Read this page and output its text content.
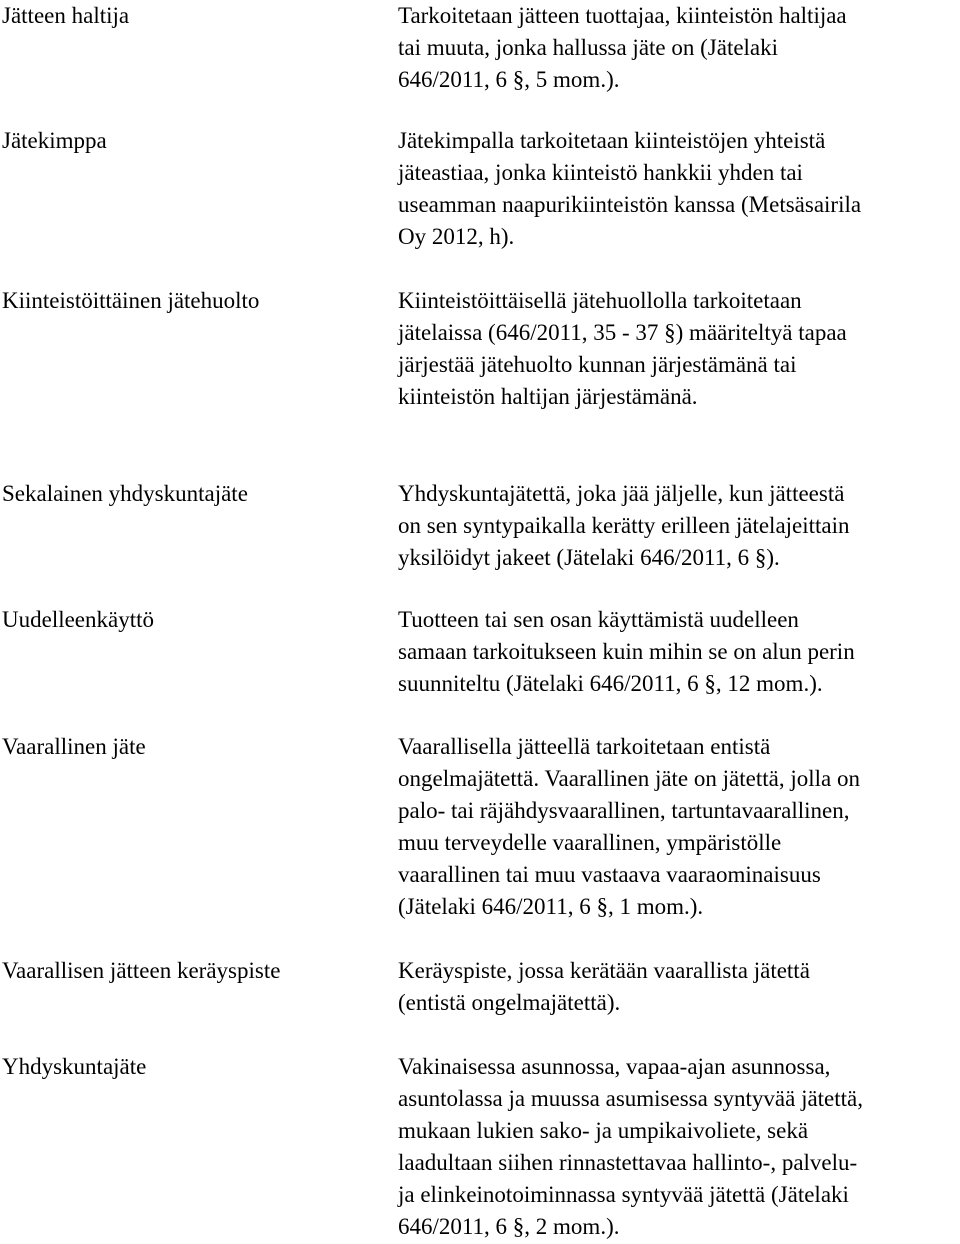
Jätteen haltija	Tarkoitetaan jätteen tuottajaa, kiinteistön haltijaa
tai muuta, jonka hallussa jäte on (Jätelaki
646/2011, 6 §, 5 mom.).
Jätekimppa	Jätekimpalla tarkoitetaan kiinteistöjen yhteistä
jäteastiaa, jonka kiinteistö hankkii yhden tai
useamman naapurikiinteistön kanssa (Metsäsairila
Oy 2012, h).
Kiinteistöittäinen jätehuolto	Kiinteistöittäisellä jätehuollolla tarkoitetaan
jätelaissa (646/2011, 35 - 37 §) määriteltyä tapaa
järjestää jätehuolto kunnan järjestämänä tai
kiinteistön haltijan järjestämänä.
Sekalainen yhdyskuntajäte	Yhdyskuntajätettä, joka jää jäljelle, kun jätteestä
on sen syntypaikalla kerätty erilleen jätelajeittain
yksilöidyt jakeet (Jätelaki 646/2011, 6 §).
Uudelleenkäyttö	Tuotteen tai sen osan käyttämistä uudelleen
samaan tarkoitukseen kuin mihin se on alun perin
suunniteltu (Jätelaki 646/2011, 6 §, 12 mom.).
Vaarallinen jäte	Vaarallisella jätteellä tarkoitetaan entistä
ongelmajätettä. Vaarallinen jäte on jätettä, jolla on
palo- tai räjähdysvaarallinen, tartuntavaarallinen,
muu terveydelle vaarallinen, ympäristölle
vaarallinen tai muu vastaava vaaraominaisuus
(Jätelaki 646/2011, 6 §, 1 mom.).
Vaarallisen jätteen keräyspiste	Keräyspiste, jossa kerätään vaarallista jätettä
(entistä ongelmajätettä).
Yhdyskuntajäte	Vakinaisessa asunnossa, vapaa-ajan asunnossa,
asuntolassa ja muussa asumisessa syntyvää jätettä,
mukaan lukien sako- ja umpikaivoliete, sekä
laadultaan siihen rinnastettavaa hallinto-, palvelu-
ja elinkeinotoiminnassa syntyvää jätettä (Jätelaki
646/2011, 6 §, 2 mom.).
